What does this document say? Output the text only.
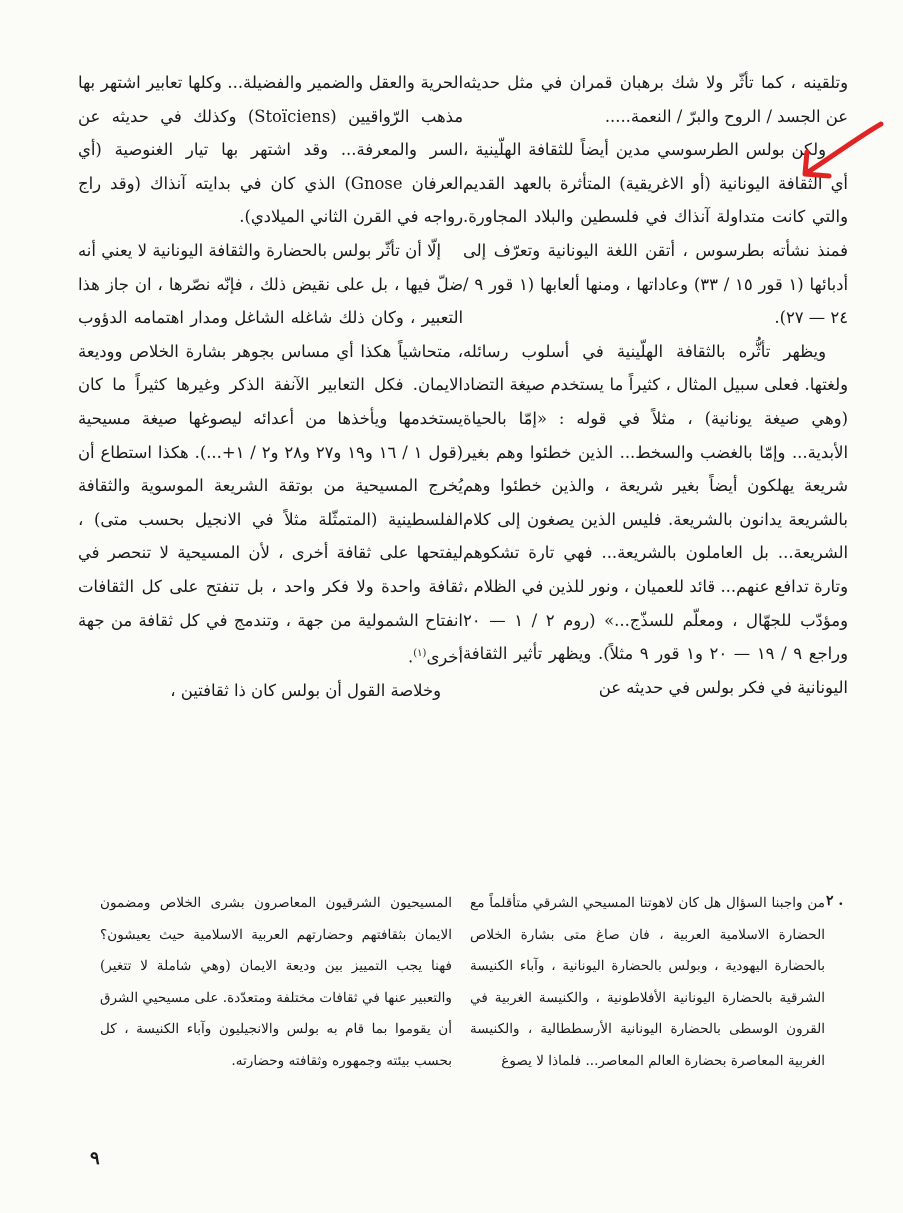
وتلقينه ، كما تأثّر ولا شك برهبان قمران في مثل حديثه عن الجسد / الروح والبرّ / النعمة.....

ولكن بولس الطرسوسي مدين أيضاً للثقافة الهلّينية ، أي الثقافة اليونانية (أو الاغريقية) المتأثرة بالعهد القديم والتي كانت متداولة آنذاك في فلسطين والبلاد المجاورة. فمنذ نشأته بطرسوس ، أتقن اللغة اليونانية وتعرّف إلى أدبائها (١ قور ١٥ / ٣٣) وعاداتها ، ومنها ألعابها (١ قور ٩ / ٢٤ — ٢٧).

ويظهر تأثُّره بالثقافة الهلّينية في أسلوب رسائله ولغتها. فعلى سبيل المثال ، كثيراً ما يستخدم صيغة التضاد (وهي صيغة يونانية) ، مثلاً في قوله : «إمّا بالحياة الأبدية... وإمّا بالغضب والسخط... الذين خطئوا وهم بغير شريعة يهلكون أيضاً بغير شريعة ، والذين خطئوا وهم بالشريعة يدانون بالشريعة. فليس الذين يصغون إلى كلام الشريعة... بل العاملون بالشريعة... فهي تارة تشكوهم وتارة تدافع عنهم... قائد للعميان ، ونور للذين في الظلام ، ومؤدّب للجهّال ، ومعلّم للسذّج...» (روم ٢ / ١ — ٢٠ وراجع ٩ / ١٩ — ٢٠ و١ قور ٩ مثلاً). ويظهر تأثير الثقافة اليونانية في فكر بولس في حديثه عن

الحرية والعقل والضمير والفضيلة... وكلها تعابير اشتهر بها مذهب الرّواقيين (Stoïciens) وكذلك في حديثه عن السر والمعرفة... وقد اشتهر بها تيار الغنوصية (أي العرفان Gnose) الذي كان في بدايته آنذاك (وقد راج رواجه في القرن الثاني الميلادي).

إلّا أن تأثّر بولس بالحضارة والثقافة اليونانية لا يعني أنه ضلّ فيها ، بل على نقيض ذلك ، فإنّه نصّرها ، ان جاز هذا التعبير ، وكان ذلك شاغله الشاغل ومدار اهتمامه الدؤوب ، متحاشياً هكذا أي مساس بجوهر بشارة الخلاص ووديعة الايمان. فكل التعابير الآنفة الذكر وغيرها كثيراً ما كان يستخدمها ويأخذها من أعدائه ليصوغها صيغة مسيحية (قول ١ / ١٦ و١٩ و٢٧ و٢٨ و٢ / ١+...). هكذا استطاع أن يُخرج المسيحية من بوتقة الشريعة الموسوية والثقافة الفلسطينية (المتمثّلة مثلاً في الانجيل بحسب متى) ، ليفتحها على ثقافة أخرى ، لأن المسيحية لا تنحصر في ثقافة واحدة ولا فكر واحد ، بل تنفتح على كل الثقافات انفتاح الشمولية من جهة ، وتندمج في كل ثقافة من جهة أخرى$^{(١)}$.

وخلاصة القول أن بولس كان ذا ثقافتين ،

٢ .
من واجبنا السؤال هل كان لاهوتنا المسيحي الشرقي متأقلماً مع الحضارة الاسلامية العربية ، فان صاغ متى بشارة الخلاص بالحضارة اليهودية ، وبولس بالحضارة اليونانية ، وآباء الكنيسة الشرقية بالحضارة اليونانية الأفلاطونية ، والكنيسة الغربية في القرون الوسطى بالحضارة اليونانية الأرسططالية ، والكنيسة الغربية المعاصرة بحضارة العالم المعاصر... فلماذا لا يصوغ
المسيحيون الشرقيون المعاصرون بشرى الخلاص ومضمون الايمان بثقافتهم وحضارتهم العربية الاسلامية حيث يعيشون؟ فهنا يجب التمييز بين وديعة الايمان (وهي شاملة لا تتغير) والتعبير عنها في ثقافات مختلفة ومتعدّدة. على مسيحيي الشرق أن يقوموا بما قام به بولس والانجيليون وآباء الكنيسة ، كل بحسب بيئته وجمهوره وثقافته وحضارته.
٩
